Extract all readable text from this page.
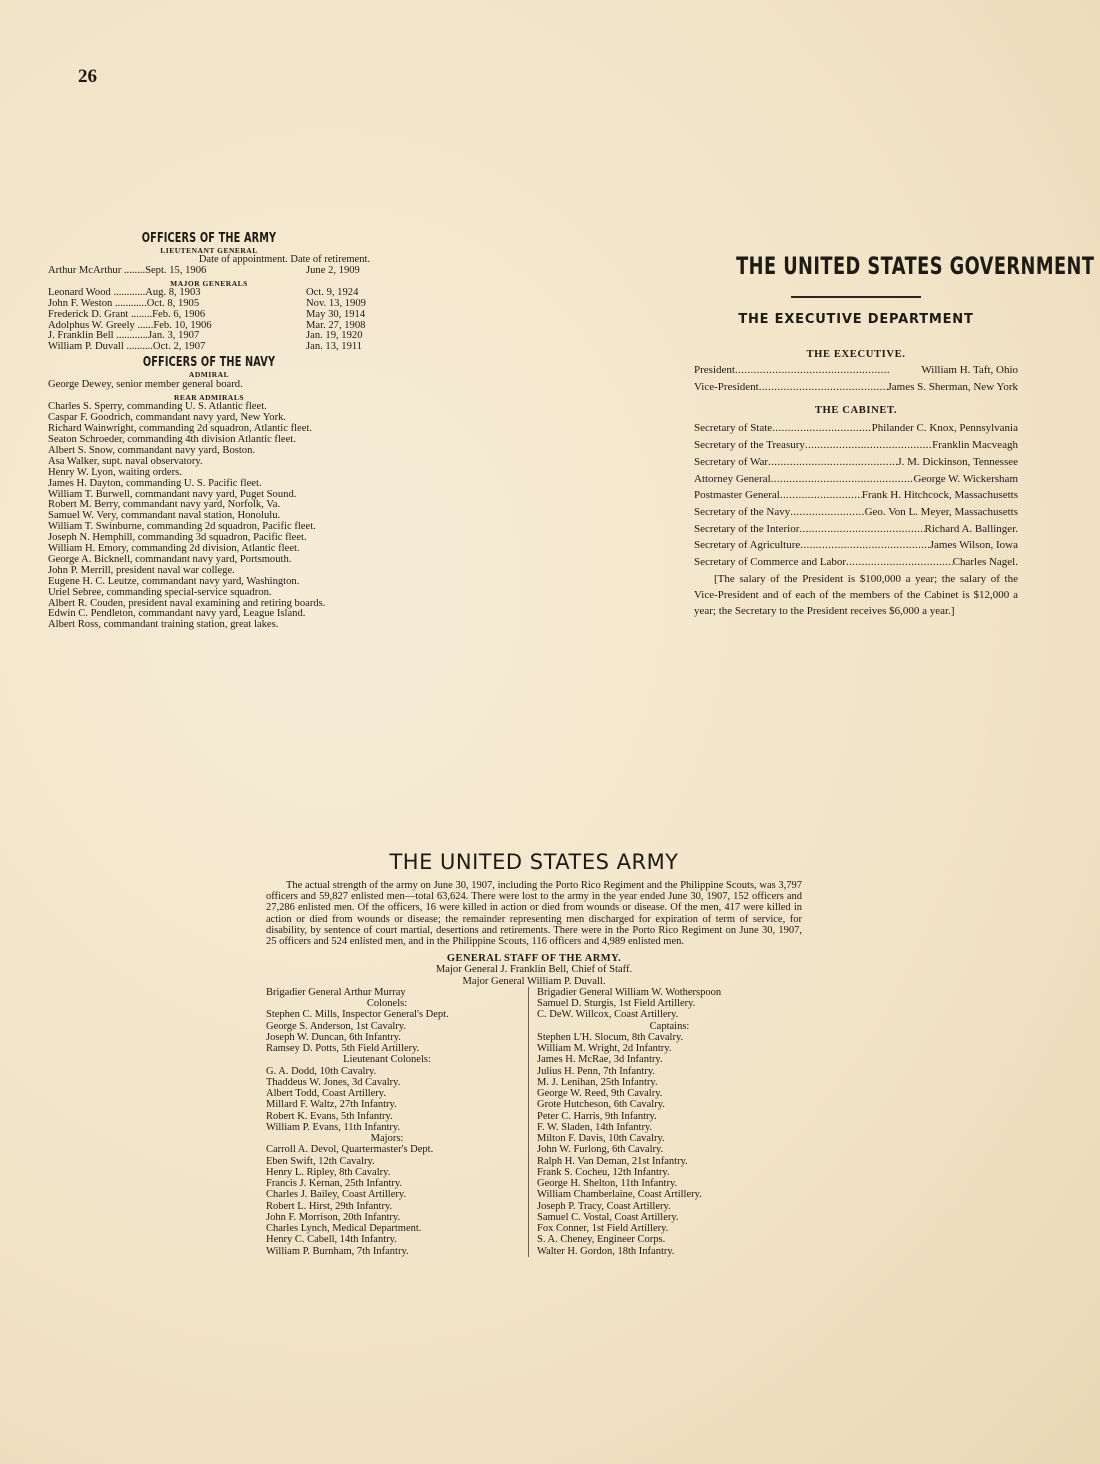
26
OFFICERS OF THE ARMY
LIEUTENANT GENERAL
Date of appointment. Date of retirement.
Arthur McArthur ........Sept. 15, 1906	June 2, 1909
MAJOR GENERALS
Leonard Wood ............Aug. 8, 1903	Oct. 9, 1924
John F. Weston ............Oct. 8, 1905	Nov. 13, 1909
Frederick D. Grant ........Feb. 6, 1906	May 30, 1914
Adolphus W. Greely ......Feb. 10, 1906	Mar. 27, 1908
J. Franklin Bell ............Jan. 3, 1907	Jan. 19, 1920
William P. Duvall ..........Oct. 2, 1907	Jan. 13, 1911
OFFICERS OF THE NAVY
ADMIRAL
George Dewey, senior member general board.
REAR ADMIRALS
Charles S. Sperry, commanding U. S. Atlantic fleet.
Caspar F. Goodrich, commandant navy yard, New York.
Richard Wainwright, commanding 2d squadron, Atlantic fleet.
Seaton Schroeder, commanding 4th division Atlantic fleet.
Albert S. Snow, commandant navy yard, Boston.
Asa Walker, supt. naval observatory.
Henry W. Lyon, waiting orders.
James H. Dayton, commanding U. S. Pacific fleet.
William T. Burwell, commandant navy yard, Puget Sound.
Robert M. Berry, commandant navy yard, Norfolk, Va.
Samuel W. Very, commandant naval station, Honolulu.
William T. Swinburne, commanding 2d squadron, Pacific fleet.
Joseph N. Hemphill, commanding 3d squadron, Pacific fleet.
William H. Emory, commanding 2d division, Atlantic fleet.
George A. Bicknell, commandant navy yard, Portsmouth.
John P. Merrill, president naval war college.
Eugene H. C. Leutze, commandant navy yard, Washington.
Uriel Sebree, commanding special-service squadron.
Albert R. Couden, president naval examining and retiring boards.
Edwin C. Pendleton, commandant navy yard, League Island.
Albert Ross, commandant training station, great lakes.
THE UNITED STATES GOVERNMENT
THE EXECUTIVE DEPARTMENT
THE EXECUTIVE.
President . . .	William H. Taft, Ohio
Vice-President . . .	James S. Sherman, New York
THE CABINET.
Secretary of State . . .	Philander C. Knox, Pennsylvania
Secretary of the Treasury . . .	Franklin Macveagh
Secretary of War . . .	J. M. Dickinson, Tennessee
Attorney General . . .	George W. Wickersham
Postmaster General . . .	Frank H. Hitchcock, Massachusetts
Secretary of the Navy . . .	Geo. Von L. Meyer, Massachusetts
Secretary of the Interior . . .	Richard A. Ballinger.
Secretary of Agriculture . . .	James Wilson, Iowa
Secretary of Commerce and Labor . . .	Charles Nagel.
[The salary of the President is $100,000 a year; the salary of the Vice-President and of each of the members of the Cabinet is $12,000 a year; the Secretary to the President receives $6,000 a year.]
THE UNITED STATES ARMY
The actual strength of the army on June 30, 1907, including the Porto Rico Regiment and the Philippine Scouts, was 3,797 officers and 59,827 enlisted men—total 63,624. There were lost to the army in the year ended June 30, 1907, 152 officers and 27,286 enlisted men. Of the officers, 16 were killed in action or died from wounds or disease. Of the men, 417 were killed in action or died from wounds or disease; the remainder representing men discharged for expiration of term of service, for disability, by sentence of court martial, desertions and retirements. There were in the Porto Rico Regiment on June 30, 1907, 25 officers and 524 enlisted men, and in the Philippine Scouts, 116 officers and 4,989 enlisted men.
GENERAL STAFF OF THE ARMY.
Major General J. Franklin Bell, Chief of Staff.
Major General William P. Duvall.
Brigadier General Arthur Murray
Colonels:
Stephen C. Mills, Inspector General's Dept.
George S. Anderson, 1st Cavalry.
Joseph W. Duncan, 6th Infantry.
Ramsey D. Potts, 5th Field Artillery.
Lieutenant Colonels:
G. A. Dodd, 10th Cavalry.
Thaddeus W. Jones, 3d Cavalry.
Albert Todd, Coast Artillery.
Millard F. Waltz, 27th Infantry.
Robert K. Evans, 5th Infantry.
William P. Evans, 11th Infantry.
Majors:
Carroll A. Devol, Quartermaster's Dept.
Eben Swift, 12th Cavalry.
Henry L. Ripley, 8th Cavalry.
Francis J. Kernan, 25th Infantry.
Charles J. Bailey, Coast Artillery.
Robert L. Hirst, 29th Infantry.
John F. Morrison, 20th Infantry.
Charles Lynch, Medical Department.
Henry C. Cabell, 14th Infantry.
William P. Burnham, 7th Infantry.
Brigadier General William W. Wotherspoon
Samuel D. Sturgis, 1st Field Artillery.
C. DeW. Willcox, Coast Artillery.
Captains:
Stephen L'H. Slocum, 8th Cavalry.
William M. Wright, 2d Infantry.
James H. McRae, 3d Infantry.
Julius H. Penn, 7th Infantry.
M. J. Lenihan, 25th Infantry.
George W. Reed, 9th Cavalry.
Grote Hutcheson, 6th Cavalry.
Peter C. Harris, 9th Infantry.
F. W. Sladen, 14th Infantry.
Milton F. Davis, 10th Cavalry.
John W. Furlong, 6th Cavalry.
Ralph H. Van Deman, 21st Infantry.
Frank S. Cocheu, 12th Infantry.
George H. Shelton, 11th Infantry.
William Chamberlaine, Coast Artillery.
Joseph P. Tracy, Coast Artillery.
Samuel C. Vostal, Coast Artillery.
Fox Conner, 1st Field Artillery.
S. A. Cheney, Engineer Corps.
Walter H. Gordon, 18th Infantry.
